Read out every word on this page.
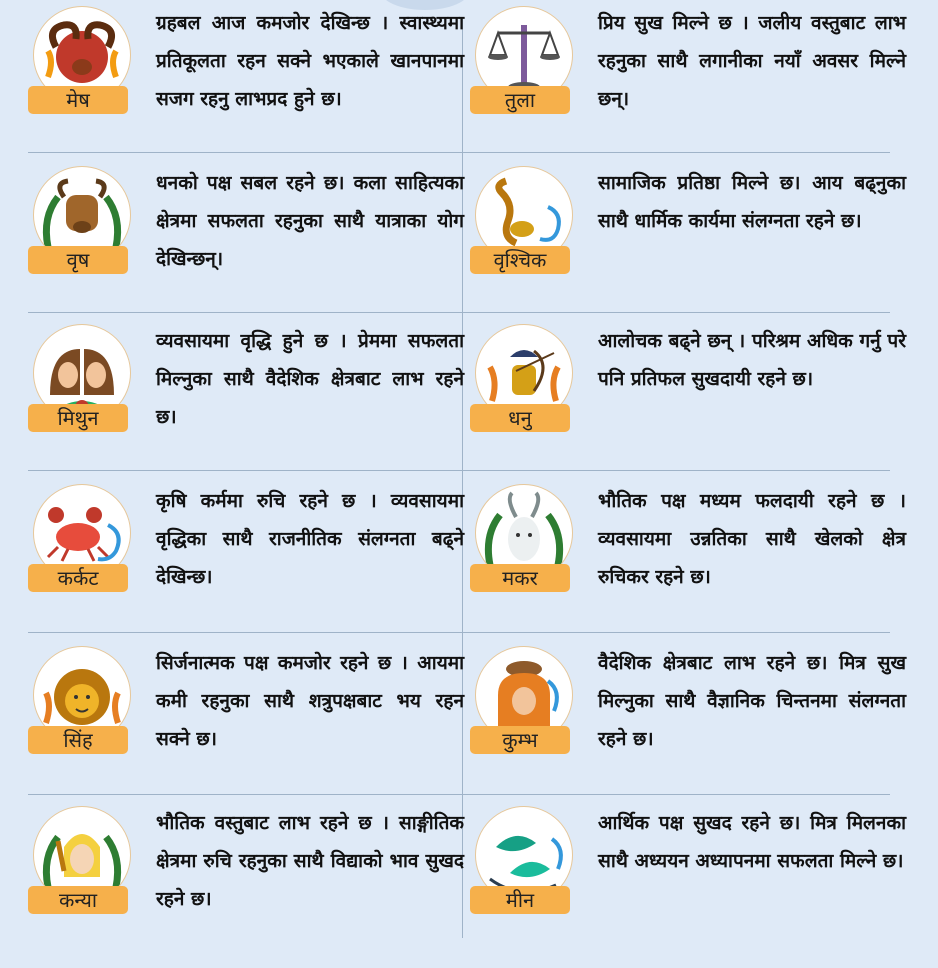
मेष
ग्रहबल आज कमजोर देखिन्छ । स्वास्थ्यमा प्रतिकूलता रहन सक्ने भएकाले खानपानमा सजग रहनु लाभप्रद हुने छ।	तुला
प्रिय सुख मिल्ने छ । जलीय वस्तुबाट लाभ रहनुका साथै लगानीका नयाँ अवसर मिल्ने छन्।
वृष
धनको पक्ष सबल रहने छ। कला साहित्यका क्षेत्रमा सफलता रहनुका साथै यात्राका योग देखिन्छन्।	वृश्चिक
सामाजिक प्रतिष्ठा मिल्ने छ। आय बढ्नुका साथै धार्मिक कार्यमा संलग्नता रहने छ।
मिथुन
व्यवसायमा वृद्धि हुने छ । प्रेममा सफलता मिल्नुका साथै वैदेशिक क्षेत्रबाट लाभ रहने छ।	धनु
आलोचक बढ्ने छन् । परिश्रम अधिक गर्नु परे पनि प्रतिफल सुखदायी रहने छ।
कर्कट
कृषि कर्ममा रुचि रहने छ । व्यवसायमा वृद्धिका साथै राजनीतिक संलग्नता बढ्ने देखिन्छ।	मकर
भौतिक पक्ष मध्यम फलदायी रहने छ । व्यवसायमा उन्नतिका साथै खेलको क्षेत्र रुचिकर रहने छ।
सिंह
सिर्जनात्मक पक्ष कमजोर रहने छ । आयमा कमी रहनुका साथै शत्रुपक्षबाट भय रहन सक्ने छ।	कुम्भ
वैदेशिक क्षेत्रबाट लाभ रहने छ। मित्र सुख मिल्नुका साथै वैज्ञानिक चिन्तनमा संलग्नता रहने छ।
कन्या
भौतिक वस्तुबाट लाभ रहने छ । साङ्गीतिक क्षेत्रमा रुचि रहनुका साथै विद्याको भाव सुखद रहने छ।	मीन
आर्थिक पक्ष सुखद रहने छ। मित्र मिलनका साथै अध्ययन अध्यापनमा सफलता मिल्ने छ।
